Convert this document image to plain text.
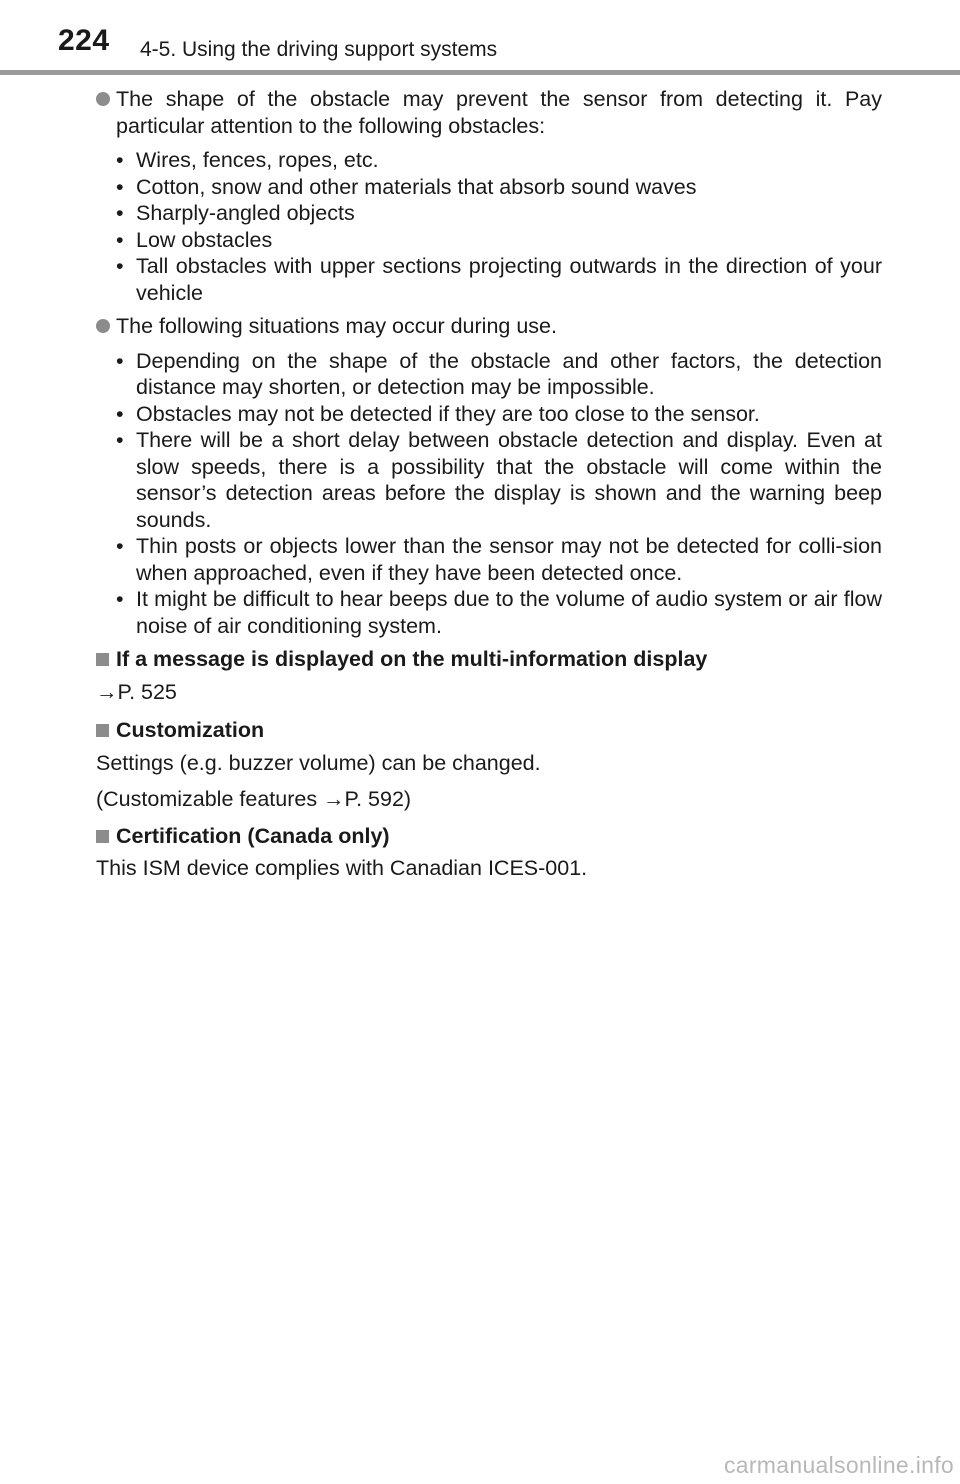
224 4-5. Using the driving support systems
The shape of the obstacle may prevent the sensor from detecting it. Pay particular attention to the following obstacles:
• Wires, fences, ropes, etc.
• Cotton, snow and other materials that absorb sound waves
• Sharply-angled objects
• Low obstacles
• Tall obstacles with upper sections projecting outwards in the direction of your vehicle
The following situations may occur during use.
• Depending on the shape of the obstacle and other factors, the detection distance may shorten, or detection may be impossible.
• Obstacles may not be detected if they are too close to the sensor.
• There will be a short delay between obstacle detection and display. Even at slow speeds, there is a possibility that the obstacle will come within the sensor’s detection areas before the display is shown and the warning beep sounds.
• Thin posts or objects lower than the sensor may not be detected for colli-sion when approached, even if they have been detected once.
• It might be difficult to hear beeps due to the volume of audio system or air flow noise of air conditioning system.
If a message is displayed on the multi-information display
→P. 525
Customization
Settings (e.g. buzzer volume) can be changed.
(Customizable features →P. 592)
Certification (Canada only)
This ISM device complies with Canadian ICES-001.
carmanualsonline.info
